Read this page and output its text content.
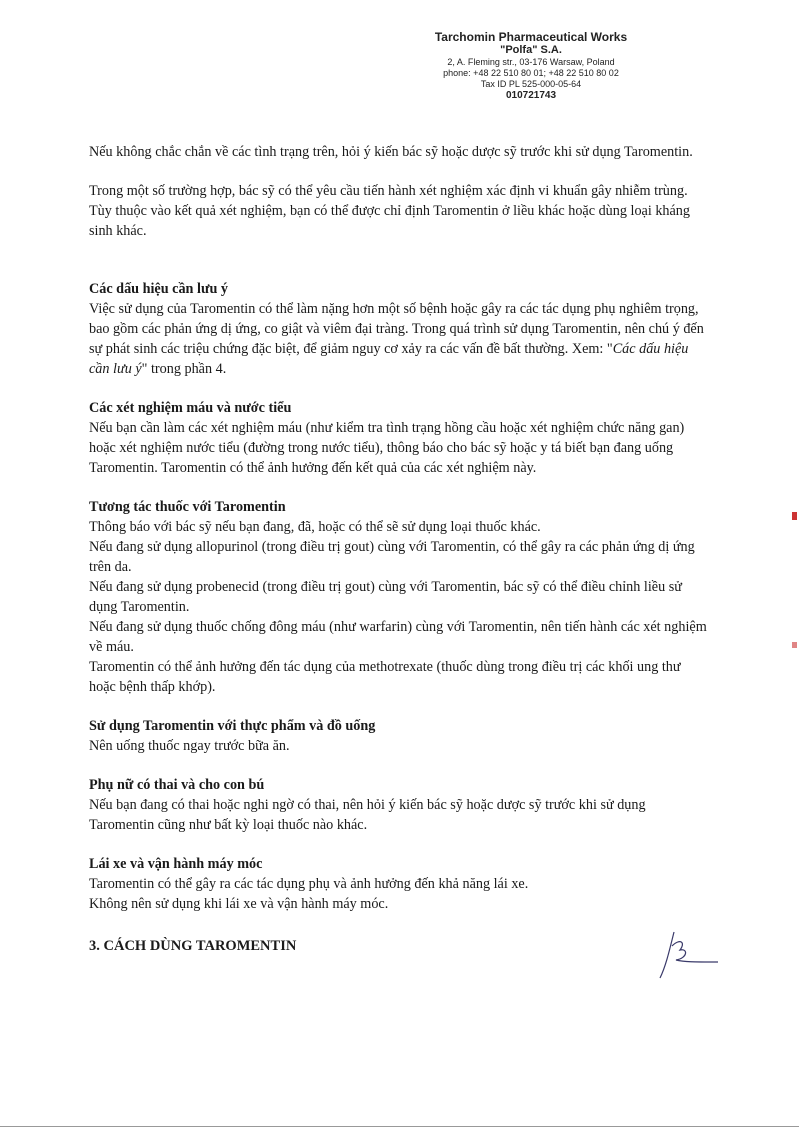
Tarchomin Pharmaceutical Works
"Polfa" S.A.
2, A. Fleming str., 03-176 Warsaw, Poland
phone: +48 22 510 80 01; +48 22 510 80 02
Tax ID PL 525-000-05-64
010721743
Nếu không chắc chắn về các tình trạng trên, hỏi ý kiến bác sỹ hoặc dược sỹ trước khi sử dụng Taromentin.
Trong một số trường hợp, bác sỹ có thể yêu cầu tiến hành xét nghiệm xác định vi khuẩn gây nhiễm trùng.
Tùy thuộc vào kết quả xét nghiệm, bạn có thể được chỉ định Taromentin ở liều khác hoặc dùng loại kháng sinh khác.
Các dấu hiệu cần lưu ý
Việc sử dụng của Taromentin có thể làm nặng hơn một số bệnh hoặc gây ra các tác dụng phụ nghiêm trọng, bao gồm các phản ứng dị ứng, co giật và viêm đại tràng. Trong quá trình sử dụng Taromentin, nên chú ý đến sự phát sinh các triệu chứng đặc biệt, để giảm nguy cơ xảy ra các vấn đề bất thường. Xem: "Các dấu hiệu cần lưu ý" trong phần 4.
Các xét nghiệm máu và nước tiểu
Nếu bạn cần làm các xét nghiệm máu (như kiểm tra tình trạng hồng cầu hoặc xét nghiệm chức năng gan) hoặc xét nghiệm nước tiểu (đường trong nước tiểu), thông báo cho bác sỹ hoặc y tá biết bạn đang uống Taromentin. Taromentin có thể ảnh hưởng đến kết quả của các xét nghiệm này.
Tương tác thuốc với Taromentin
Thông báo với bác sỹ nếu bạn đang, đã, hoặc có thể sẽ sử dụng loại thuốc khác.
Nếu đang sử dụng allopurinol (trong điều trị gout) cùng với Taromentin, có thể gây ra các phản ứng dị ứng trên da.
Nếu đang sử dụng probenecid (trong điều trị gout) cùng với Taromentin, bác sỹ có thể điều chỉnh liều sử dụng Taromentin.
Nếu đang sử dụng thuốc chống đông máu (như warfarin) cùng với Taromentin, nên tiến hành các xét nghiệm về máu.
Taromentin có thể ảnh hưởng đến tác dụng của methotrexate (thuốc dùng trong điều trị các khối ung thư hoặc bệnh thấp khớp).
Sử dụng Taromentin với thực phẩm và đồ uống
Nên uống thuốc ngay trước bữa ăn.
Phụ nữ có thai và cho con bú
Nếu bạn đang có thai hoặc nghi ngờ có thai, nên hỏi ý kiến bác sỹ hoặc dược sỹ trước khi sử dụng Taromentin cũng như bất kỳ loại thuốc nào khác.
Lái xe và vận hành máy móc
Taromentin có thể gây ra các tác dụng phụ và ảnh hưởng đến khả năng lái xe.
Không nên sử dụng khi lái xe và vận hành máy móc.
3. CÁCH DÙNG TAROMENTIN
